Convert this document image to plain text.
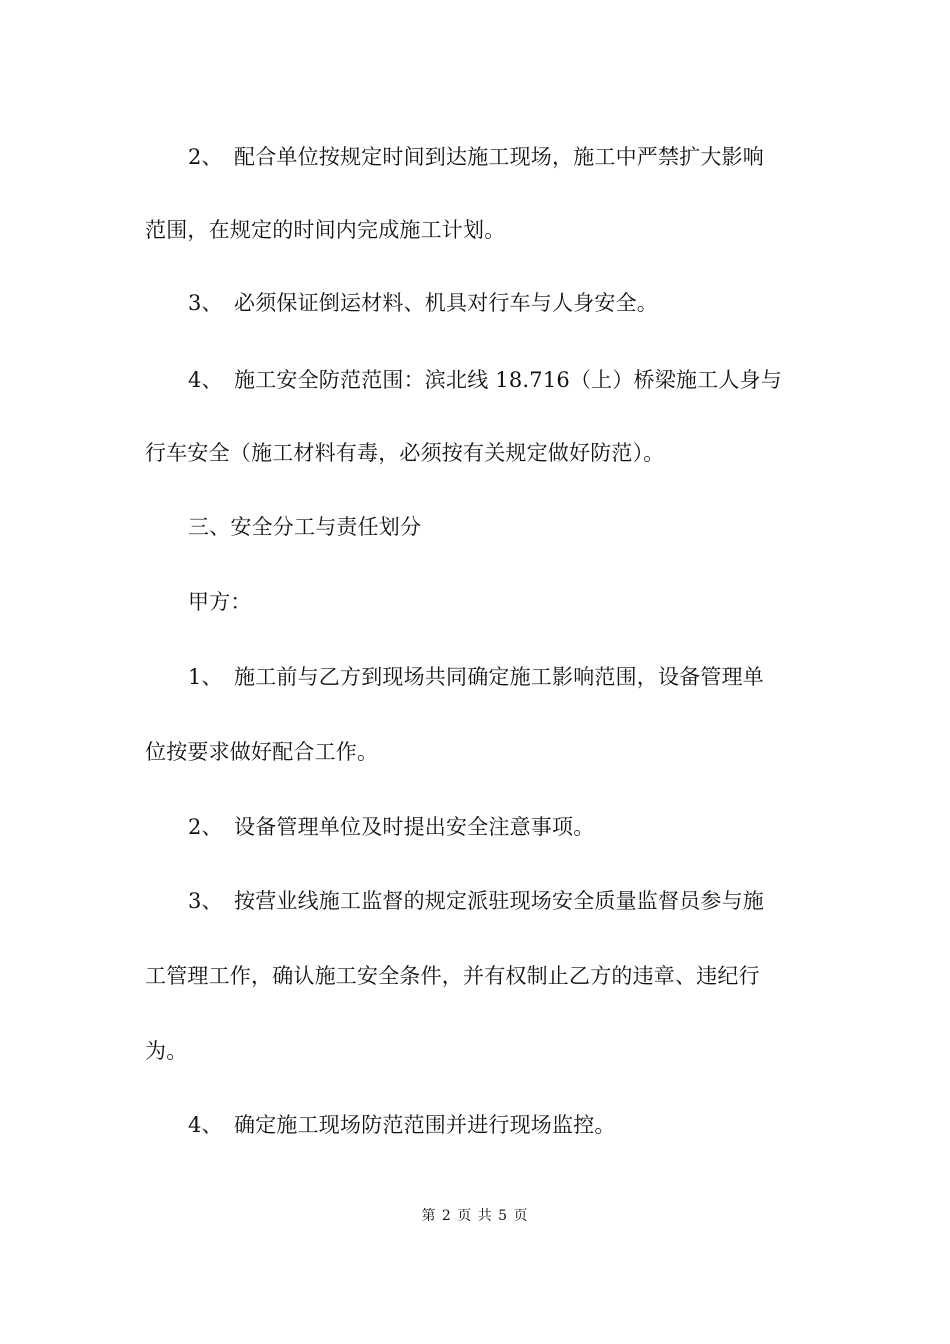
2、 配合单位按规定时间到达施工现场，施工中严禁扩大影响
范围，在规定的时间内完成施工计划。
3、 必须保证倒运材料、机具对行车与人身安全。
4、 施工安全防范范围：滨北线 18.716（上）桥梁施工人身与
行车安全（施工材料有毒，必须按有关规定做好防范）。
三、安全分工与责任划分
甲方：
1、 施工前与乙方到现场共同确定施工影响范围，设备管理单
位按要求做好配合工作。
2、 设备管理单位及时提出安全注意事项。
3、 按营业线施工监督的规定派驻现场安全质量监督员参与施
工管理工作，确认施工安全条件，并有权制止乙方的违章、违纪行
为。
4、 确定施工现场防范范围并进行现场监控。
第 2 页 共 5 页
